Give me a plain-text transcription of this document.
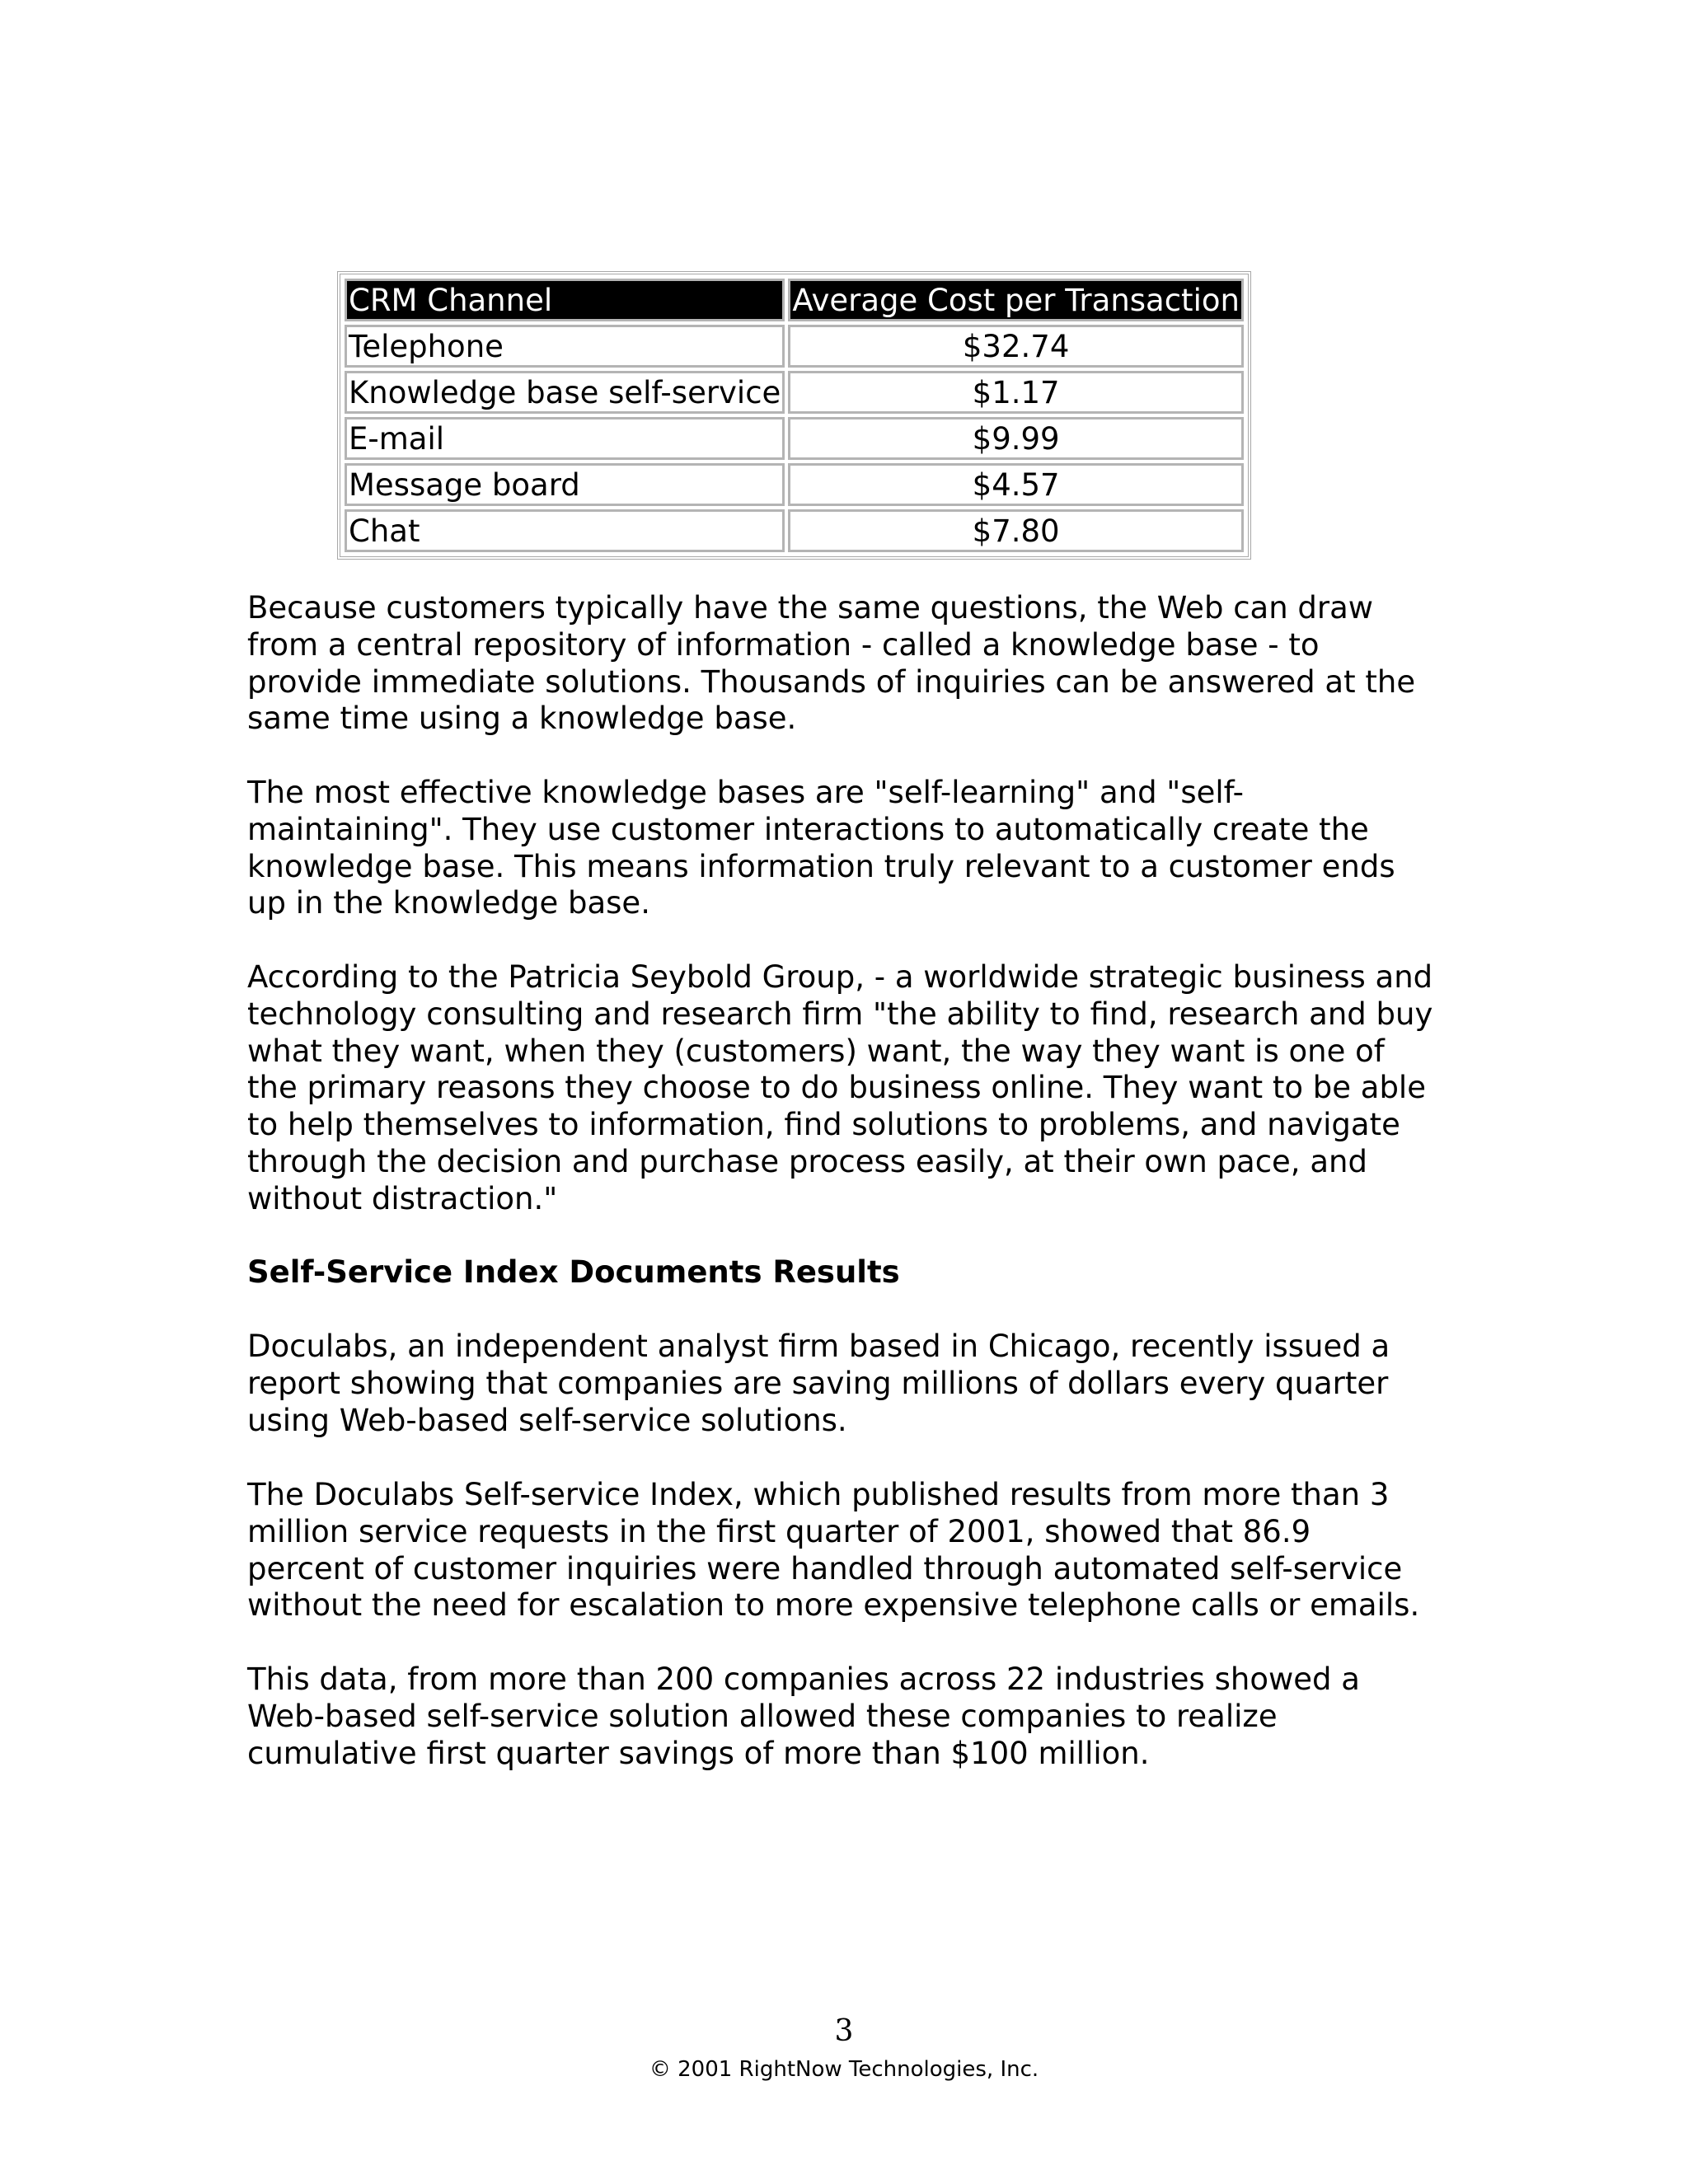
CRM Channel	Average Cost per Transaction
Telephone	$32.74
Knowledge base self-service	$1.17
E-mail	$9.99
Message board	$4.57
Chat	$7.80

Because customers typically have the same questions, the Web can draw
from a central repository of information - called a knowledge base - to
provide immediate solutions. Thousands of inquiries can be answered at the
same time using a knowledge base.

The most effective knowledge bases are "self-learning" and "self-
maintaining". They use customer interactions to automatically create the
knowledge base. This means information truly relevant to a customer ends
up in the knowledge base.

According to the Patricia Seybold Group, - a worldwide strategic business and
technology consulting and research firm "the ability to find, research and buy
what they want, when they (customers) want, the way they want is one of
the primary reasons they choose to do business online. They want to be able
to help themselves to information, find solutions to problems, and navigate
through the decision and purchase process easily, at their own pace, and
without distraction."

Self-Service Index Documents Results

Doculabs, an independent analyst firm based in Chicago, recently issued a
report showing that companies are saving millions of dollars every quarter
using Web-based self-service solutions.

The Doculabs Self-service Index, which published results from more than 3
million service requests in the first quarter of 2001, showed that 86.9
percent of customer inquiries were handled through automated self-service
without the need for escalation to more expensive telephone calls or emails.

This data, from more than 200 companies across 22 industries showed a
Web-based self-service solution allowed these companies to realize
cumulative first quarter savings of more than $100 million.

3
© 2001 RightNow Technologies, Inc.
